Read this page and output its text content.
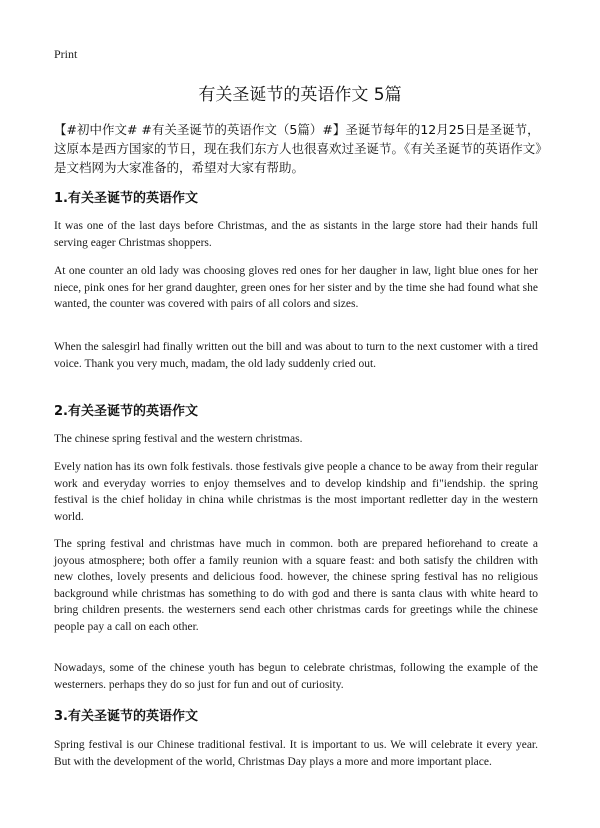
Print
有关圣诞节的英语作文 5篇

【#初中作文# #有关圣诞节的英语作文（5篇）#】圣诞节每年的12月25日是圣诞节，这原本是西方国家的节日，现在我们东方人也很喜欢过圣诞节。《有关圣诞节的英语作文》是文档网为大家准备的，希望对大家有帮助。

1.有关圣诞节的英语作文

It was one of the last days before Christmas, and the as sistants in the large store had their hands full serving eager Christmas shoppers.

At one counter an old lady was choosing gloves red ones for her daugher in law, light blue ones for her niece, pink ones for her grand daughter, green ones for her sister and by the time she had found what she wanted, the counter was covered with pairs of all colors and sizes.

When the salesgirl had finally written out the bill and was about to turn to the next customer with a tired voice. Thank you very much, madam, the old lady suddenly cried out.

2.有关圣诞节的英语作文

The chinese spring festival and the western christmas.

Evely nation has its own folk festivals. those festivals give people a chance to be away from their regular work and everyday worries to enjoy themselves and to develop kindship and fi"iendship. the spring festival is the chief holiday in china while christmas is the most important redletter day in the western world.

The spring festival and christmas have much in common. both are prepared hefiorehand to create a joyous atmosphere; both offer a family reunion with a square feast: and both satisfy the children with new clothes, lovely presents and delicious food. however, the chinese spring festival has no religious background while christmas has something to do with god and there is santa claus with white heard to bring children presents. the westerners send each other christmas cards for greetings while the chinese people pay a call on each other.

Nowadays, some of the chinese youth has begun to celebrate christmas, following the example of the westerners. perhaps they do so just for fun and out of curiosity.

3.有关圣诞节的英语作文

Spring festival is our Chinese traditional festival. It is important to us. We will celebrate it every year. But with the development of the world, Christmas Day plays a more and more important place.
